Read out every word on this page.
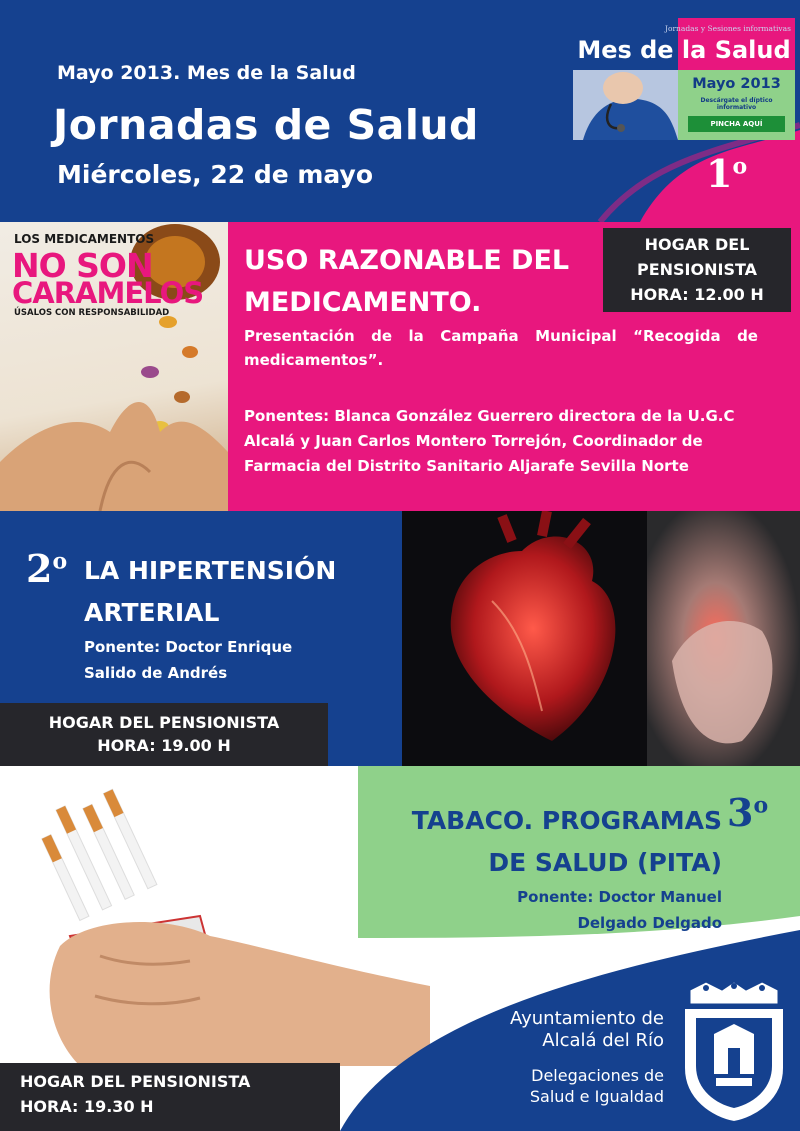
Mayo 2013. Mes de la Salud
Jornadas de Salud
Miércoles, 22 de mayo	1$^o$
Jornadas y Sesiones informativas
Mes de la Salud
Mayo 2013
Descárgate el díptico informativo
PINCHA AQUÍ
LOS MEDICAMENTOS
NO SON
CARAMELOS
ÚSALOS CON RESPONSABILIDAD
USO RAZONABLE DEL
MEDICAMENTO.
HOGAR DEL
PENSIONISTA
HORA: 12.00 H
Presentación de la Campaña Municipal “Recogida de medicamentos”.
Ponentes: Blanca González Guerrero directora de la U.G.C Alcalá y Juan Carlos Montero Torrejón, Coordinador de Farmacia del Distrito Sanitario Aljarafe Sevilla Norte
2$^o$ LA HIPERTENSIÓN
ARTERIAL
Ponente: Doctor Enrique
Salido de Andrés
HOGAR DEL PENSIONISTA
HORA: 19.00 H
3$^o$
TABACO. PROGRAMAS
DE SALUD (PITA)
Ponente: Doctor Manuel
Delgado Delgado
HOGAR DEL PENSIONISTA
HORA: 19.30 H
Ayuntamiento de
Alcalá del Río
Delegaciones de
Salud e Igualdad
